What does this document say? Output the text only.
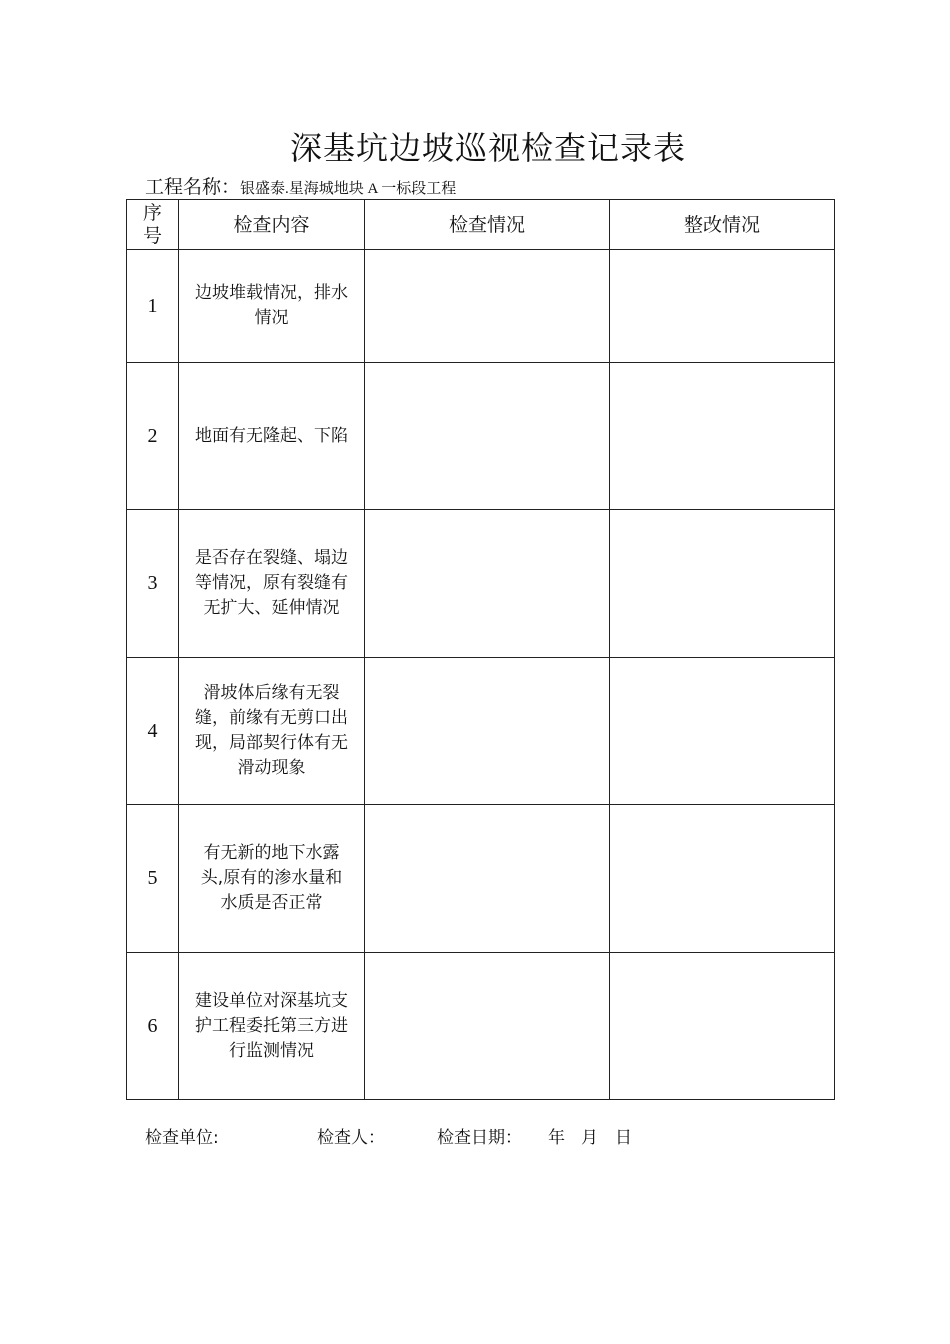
深基坑边坡巡视检查记录表
工程名称：银盛泰.星海城地块 A 一标段工程
序
号	检查内容	检查情况	整改情况
1	边坡堆载情况，排水情况		
2	地面有无隆起、下陷		
3	是否存在裂缝、塌边等情况，原有裂缝有无扩大、延伸情况		
4	滑坡体后缘有无裂缝，前缘有无剪口出现，局部契行体有无滑动现象		
5	有无新的地下水露头,原有的渗水量和水质是否正常		
6	建设单位对深基坑支护工程委托第三方进行监测情况		
检查单位:	检查人：	检查日期： 年 月 日
